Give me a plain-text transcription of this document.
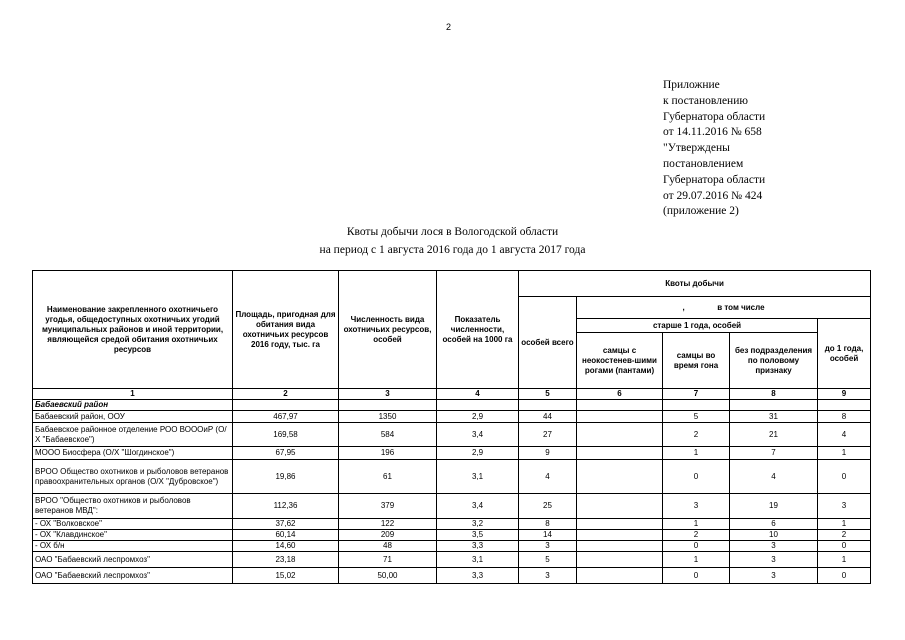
2
Приложние
к постановлению
Губернатора области
от 14.11.2016 № 658
"Утверждены
постановлением
Губернатора области
от 29.07.2016 № 424
(приложение 2)
Квоты добычи лося в Вологодской области
на период с 1 августа 2016 года до 1 августа 2017 года
Наименование закрепленного охотничьего угодья, общедоступных охотничьих угодий муниципальных районов и иной территории, являющейся средой обитания охотничьих ресурсов	Площадь, пригодная для обитания вида охотничьих ресурсов 2016 году, тыс. га	Численность вида охотничьих ресурсов, особей	Показатель численности, особей на 1000 га	Квоты добычи				
				особей всего	, в том числе			
					старше 1 года, особей			до 1 года, особей
					самцы с неокостенев-шими рогами (пантами)	самцы во время гона	без подразделения по половому признаку	
1	2	3	4	5	6	7	8	9
Бабаевский район								
Бабаевский район, ООУ	467,97	1350	2,9	44		5	31	8
Бабаевское районное отделение РОО ВОООиР (О/Х "Бабаевское")	169,58	584	3,4	27		2	21	4
МООО Биосфера (О/Х "Шогдинское")	67,95	196	2,9	9		1	7	1
ВРОО Общество охотников и рыболовов ветеранов правоохранительных органов (О/Х "Дубровское")	19,86	61	3,1	4		0	4	0
ВРОО "Общество охотников и рыболовов ветеранов МВД":	112,36	379	3,4	25		3	19	3
- ОХ "Волковское"	37,62	122	3,2	8		1	6	1
- ОХ "Клавдинское"	60,14	209	3,5	14		2	10	2
- ОХ б/н	14,60	48	3,3	3		0	3	0
ОАО "Бабаевский леспромхоз"	23,18	71	3,1	5		1	3	1
ОАО "Бабаевский леспромхоз"	15,02	50,00	3,3	3		0	3	0
